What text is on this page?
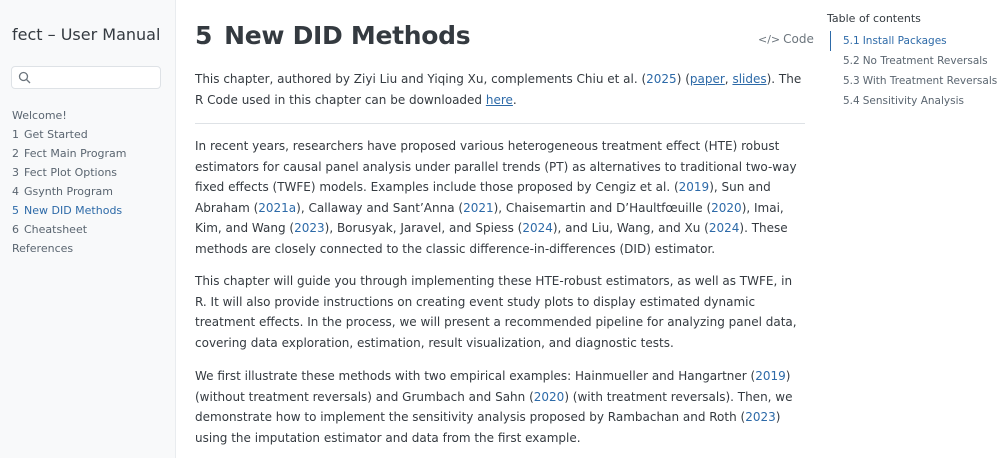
fect – User Manual
Welcome!
1 Get Started
2 Fect Main Program
3 Fect Plot Options
4 Gsynth Program
5 New DID Methods
6 Cheatsheet
References
5 New DID Methods	</> Code

This chapter, authored by Ziyi Liu and Yiqing Xu, complements Chiu et al. (2025) (paper, slides). The R Code used in this chapter can be downloaded here.

In recent years, researchers have proposed various heterogeneous treatment effect (HTE) robust estimators for causal panel analysis under parallel trends (PT) as alternatives to traditional two-way fixed effects (TWFE) models. Examples include those proposed by Cengiz et al. (2019), Sun and Abraham (2021a), Callaway and Sant’Anna (2021), Chaisemartin and D’Haultfœuille (2020), Imai, Kim, and Wang (2023), Borusyak, Jaravel, and Spiess (2024), and Liu, Wang, and Xu (2024). These methods are closely connected to the classic difference-in-differences (DID) estimator.

This chapter will guide you through implementing these HTE-robust estimators, as well as TWFE, in R. It will also provide instructions on creating event study plots to display estimated dynamic treatment effects. In the process, we will present a recommended pipeline for analyzing panel data, covering data exploration, estimation, result visualization, and diagnostic tests.

We first illustrate these methods with two empirical examples: Hainmueller and Hangartner (2019) (without treatment reversals) and Grumbach and Sahn (2020) (with treatment reversals). Then, we demonstrate how to implement the sensitivity analysis proposed by Rambachan and Roth (2023) using the imputation estimator and data from the first example.

Table of contents
5.1 Install Packages
5.2 No Treatment Reversals
5.3 With Treatment Reversals
5.4 Sensitivity Analysis
